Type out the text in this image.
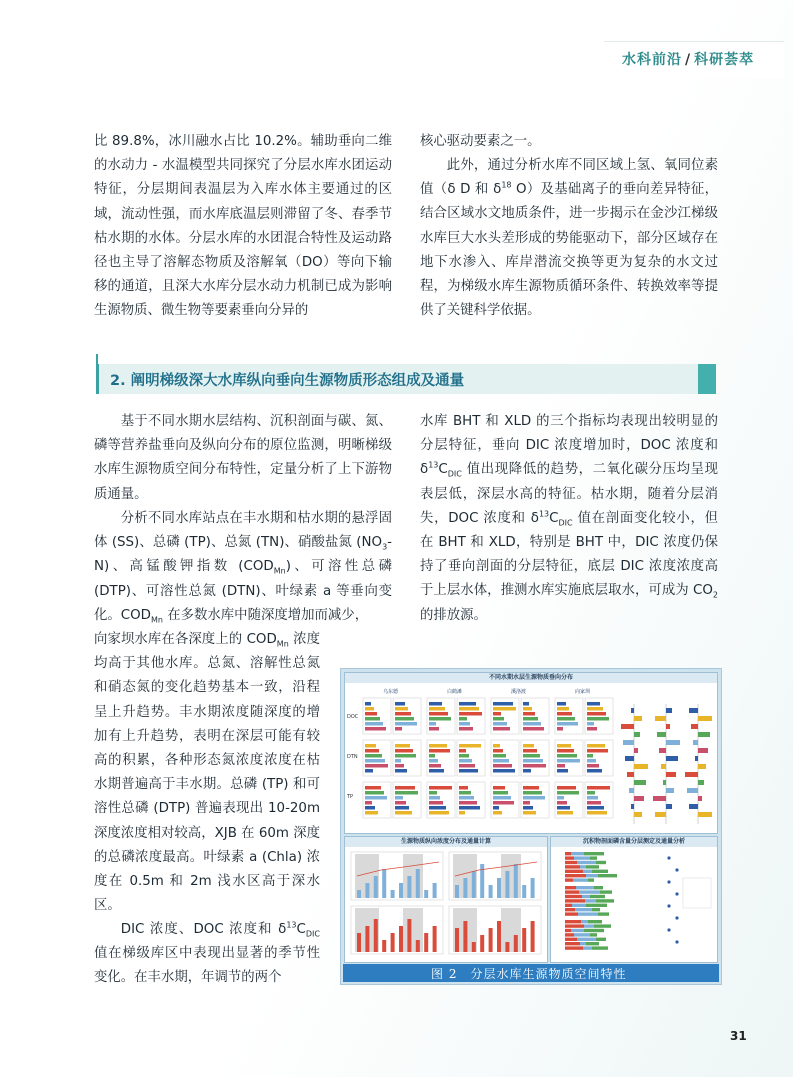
水科前沿 / 科研荟萃

比 89.8%，冰川融水占比 10.2%。辅助垂向二维的水动力 - 水温模型共同探究了分层水库水团运动特征，分层期间表温层为入库水体主要通过的区域，流动性强，而水库底温层则滞留了冬、春季节枯水期的水体。分层水库的水团混合特性及运动路径也主导了溶解态物质及溶解氧（DO）等向下输移的通道，且深大水库分层水动力机制已成为影响生源物质、微生物等要素垂向分异的

核心驱动要素之一。

此外，通过分析水库不同区域上氢、氧同位素值（δ D 和 $\delta^{18}$ O）及基础离子的垂向差异特征，结合区域水文地质条件，进一步揭示在金沙江梯级水库巨大水头差形成的势能驱动下，部分区域存在地下水渗入、库岸潜流交换等更为复杂的水文过程，为梯级水库生源物质循环条件、转换效率等提供了关键科学依据。

2. 阐明梯级深大水库纵向垂向生源物质形态组成及通量

基于不同水期水层结构、沉积剖面与碳、氮、磷等营养盐垂向及纵向分布的原位监测，明晰梯级水库生源物质空间分布特性，定量分析了上下游物质通量。

分析不同水库站点在丰水期和枯水期的悬浮固体 (SS)、总磷 (TP)、总氮 (TN)、硝酸盐氮 $(NO_3-N)$、高锰酸钾指数 $(COD_{Mn})$、可溶性总磷 (DTP)、可溶性总氮 (DTN)、叶绿素 a 等垂向变化。$COD_{Mn}$ 在多数水库中随深度增加而减少，

向家坝水库在各深度上的 $COD_{Mn}$ 浓度均高于其他水库。总氮、溶解性总氮和硝态氮的变化趋势基本一致，沿程呈上升趋势。丰水期浓度随深度的增加有上升趋势，表明在深层可能有较高的积累，各种形态氮浓度浓度在枯水期普遍高于丰水期。总磷 (TP) 和可溶性总磷 (DTP) 普遍表现出 10-20m 深度浓度相对较高，XJB 在 60m 深度的总磷浓度最高。叶绿素 a (Chla) 浓度在 0.5m 和 2m 浅水区高于深水区。

DIC 浓度、DOC 浓度和 $\delta^{13}C_{DIC}$ 值在梯级库区中表现出显著的季节性变化。在丰水期，年调节的两个

水库 BHT 和 XLD 的三个指标均表现出较明显的分层特征，垂向 DIC 浓度增加时，DOC 浓度和 $\delta^{13}C_{DIC}$ 值出现降低的趋势，二氧化碳分压均呈现表层低，深层水高的特征。枯水期，随着分层消失，DOC 浓度和 $\delta^{13}C_{DIC}$ 值在剖面变化较小，但在 BHT 和 XLD，特别是 BHT 中，DIC 浓度仍保持了垂向剖面的分层特征，底层 DIC 浓度浓度高于上层水体，推测水库实施底层取水，可成为 $CO_2$ 的排放源。

不同水期水层生源物质垂向分布
乌东德	白鹤滩	溪洛渡	向家坝
DOC
DTN
TP
生源物质纵向浓度分布及通量计算	沉积物剖面磷含量分层测定及通量分析
图 2　分层水库生源物质空间特性
31
